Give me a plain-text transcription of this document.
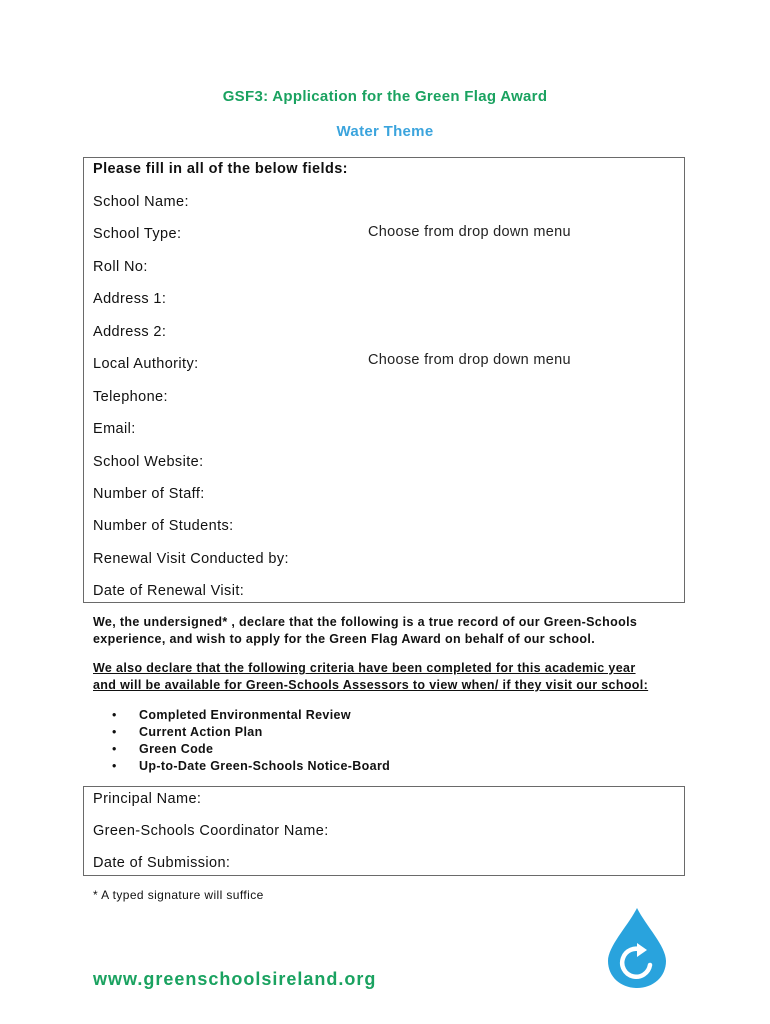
GSF3: Application for the Green Flag Award
Water Theme
Please fill in all of the below fields:
School Name:
School Type:	Choose from drop down menu
Roll No:
Address 1:
Address 2:
Local Authority:	Choose from drop down menu
Telephone:
Email:
School Website:
Number of Staff:
Number of Students:
Renewal Visit Conducted by:
Date of Renewal Visit:
We, the undersigned* , declare that the following is a true record of our Green-Schools
experience, and wish to apply for the Green Flag Award on behalf of our school.
We also declare that the following criteria have been completed for this academic year
and will be available for Green-Schools Assessors to view when/ if they visit our school:
• Completed Environmental Review
• Current Action Plan
• Green Code
• Up-to-Date Green-Schools Notice-Board
Principal Name:
Green-Schools Coordinator Name:
Date of Submission:
* A typed signature will suffice
www.greenschoolsireland.org
